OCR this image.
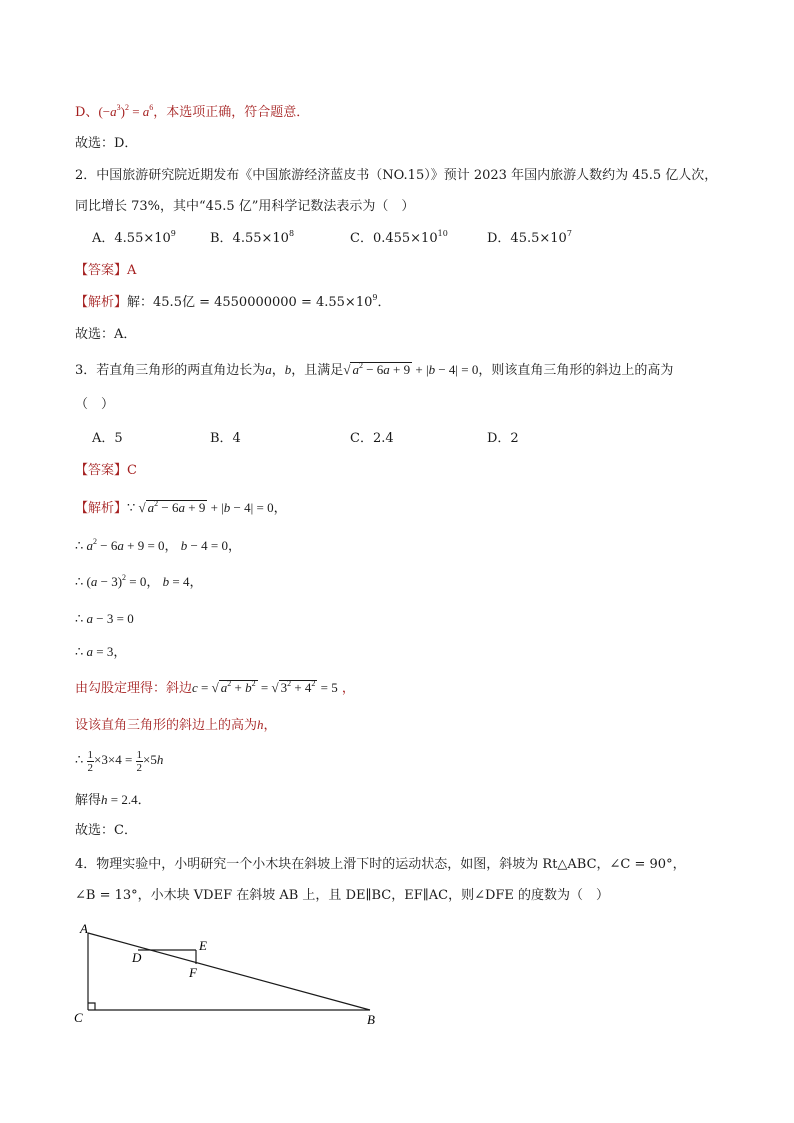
D、$(-a^3)^2 = a^6$，本选项正确，符合题意．
故选：D．
2．中国旅游研究院近期发布《中国旅游经济蓝皮书（NO.15）》预计 2023 年国内旅游人数约为 45.5 亿人次，
同比增长 73%，其中“45.5 亿”用科学记数法表示为（　）
A．$4.55\times 10^9$	B．$4.55\times 10^8$	C．$0.455\times 10^{10}$	D．$45.5\times 10^7$
【答案】A
【解析】解：45.5亿 = $4550000000 = 4.55\times 10^9$．
故选：A．
3．若直角三角形的两直角边长为a，b，且满足√ $a^2 - 6a + 9 + |b - 4| = 0$，则该直角三角形的斜边上的高为
（　）
A．5	B．4	C．2.4	D．2
【答案】C
【解析】∵ √ $a^2 - 6a + 9 + |b - 4| = 0$，
∴ $a^2 - 6a + 9 = 0$， b − 4 = 0，
∴ $(a - 3)^2 = 0$， b = 4，
∴ a − 3 = 0
∴ a = 3，
由勾股定理得：斜边c = √ $a^2 + b^2$ = √ $3^2 + 4^2 = 5$ ，
设该直角三角形的斜边上的高为h，
∴ $\frac{1}{2} \times 3\times 4 = \frac{1}{2} \times 5h$
解得h = 2.4．
故选：C．
4．物理实验中，小明研究一个小木块在斜坡上滑下时的运动状态，如图，斜坡为 Rt△ABC，∠C = 90°，
∠B = 13°，小木块 VDEF 在斜坡 AB 上，且 DE∥BC，EF∥AC，则∠DFE 的度数为（　）
A
B
C
D
E
F
